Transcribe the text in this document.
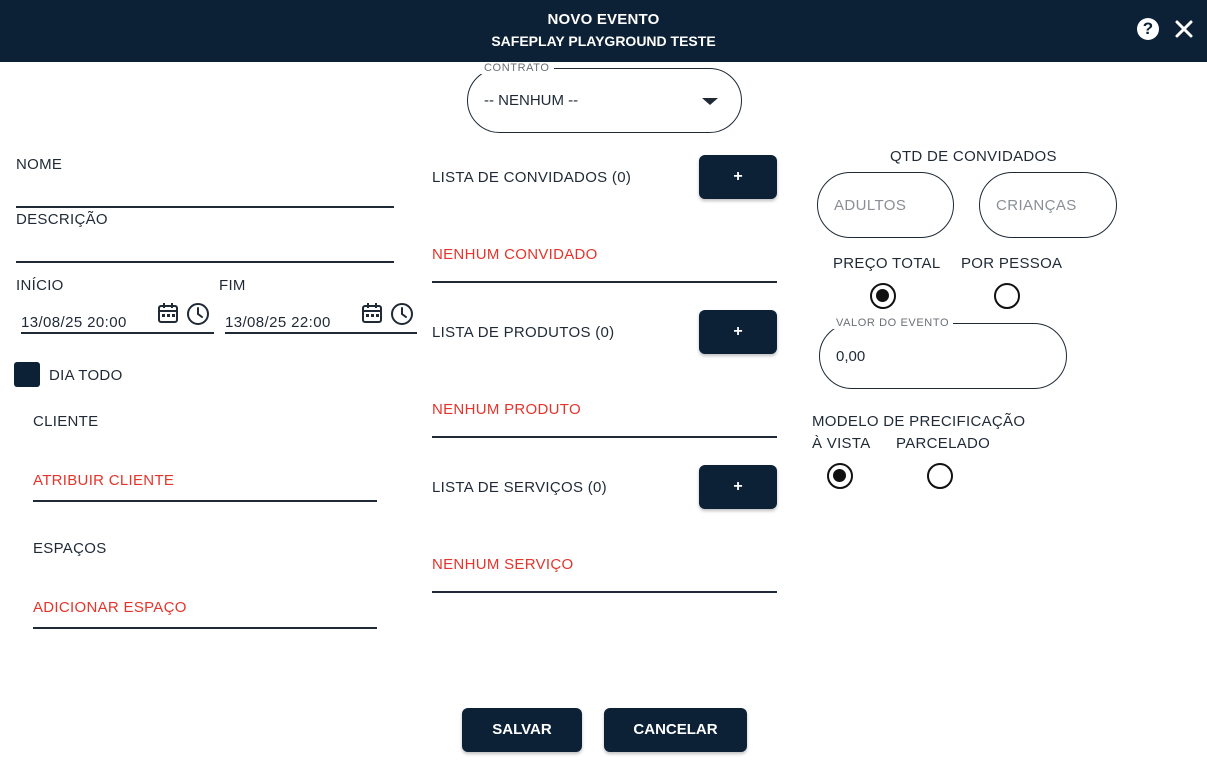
NOVO EVENTO
SAFEPLAY PLAYGROUND TESTE
?
CONTRATO
-- NENHUM --
NOME
DESCRIÇÃO
INÍCIO
13/08/25 20:00
FIM
13/08/25 22:00
DIA TODO
CLIENTE
ATRIBUIR CLIENTE
ESPAÇOS
ADICIONAR ESPAÇO
LISTA DE CONVIDADOS (0)	+
NENHUM CONVIDADO
LISTA DE PRODUTOS (0)	+
NENHUM PRODUTO
LISTA DE SERVIÇOS (0)	+
NENHUM SERVIÇO
QTD DE CONVIDADOS
ADULTOS	CRIANÇAS
PREÇO TOTAL POR PESSOA
VALOR DO EVENTO
0,00
MODELO DE PRECIFICAÇÃO
À VISTA PARCELADO
SALVAR	CANCELAR
